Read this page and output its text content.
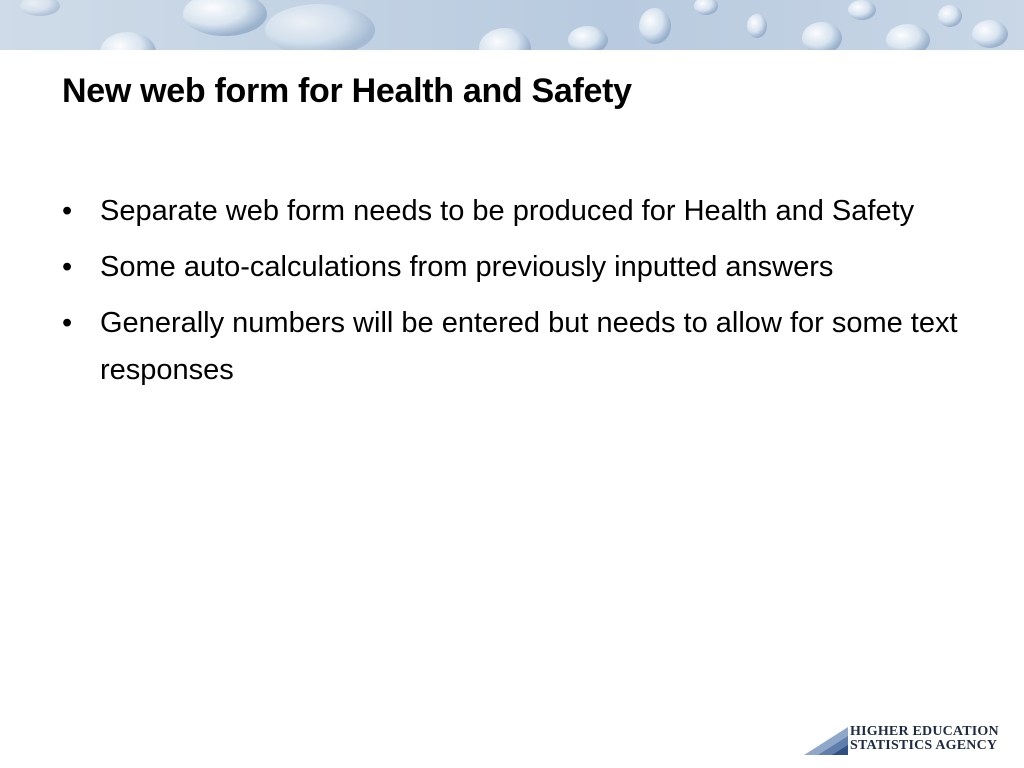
New web form for Health and Safety
• Separate web form needs to be produced for Health and Safety
• Some auto-calculations from previously inputted answers
• Generally numbers will be entered but needs to allow for some text responses
HIGHER EDUCATION
STATISTICS AGENCY
